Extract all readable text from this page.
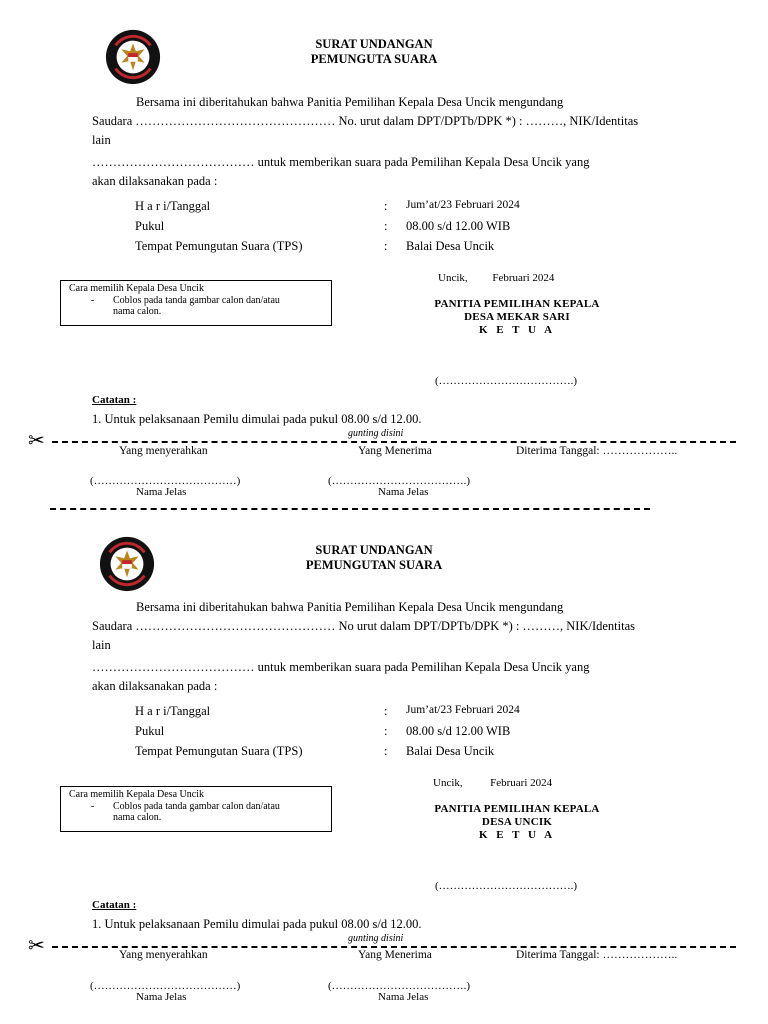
SURAT UNDANGAN
PEMUNGUTA SUARA
Bersama ini diberitahukan bahwa Panitia Pemilihan Kepala Desa Uncik mengundang
Saudara ………………………………………… No. urut dalam DPT/DPTb/DPK *) : ………, NIK/Identitas
lain
………………………………… untuk memberikan suara pada Pemilihan Kepala Desa Uncik yang
akan dilaksanakan pada :
H a r i/Tanggal	: Jum’at/23 Februari 2024
Pukul	: 08.00 s/d 12.00 WIB
Tempat Pemungutan Suara (TPS)	: Balai Desa Uncik
Cara memilih Kepala Desa Uncik
- Coblos pada tanda gambar calon dan/atau
nama calon.
Uncik,         Februari 2024
PANITIA PEMILIHAN KEPALA
DESA MEKAR SARI
K E T U A
(……………………………….)
Catatan :
1. Untuk pelaksanaan Pemilu dimulai pada pukul 08.00 s/d 12.00.
✂	gunting disini
Yang menyerahkan	Yang Menerima	Diterima Tanggal: ………………..
(…………………………………)	(……………………………….)
Nama Jelas	Nama Jelas
SURAT UNDANGAN
PEMUNGUTAN SUARA
Bersama ini diberitahukan bahwa Panitia Pemilihan Kepala Desa Uncik mengundang
Saudara ………………………………………… No urut dalam DPT/DPTb/DPK *) : ………, NIK/Identitas
lain
………………………………… untuk memberikan suara pada Pemilihan Kepala Desa Uncik yang
akan dilaksanakan pada :
H a r i/Tanggal	: Jum’at/23 Februari 2024
Pukul	: 08.00 s/d 12.00 WIB
Tempat Pemungutan Suara (TPS)	: Balai Desa Uncik
Cara memilih Kepala Desa Uncik
- Coblos pada tanda gambar calon dan/atau
nama calon.
Uncik,          Februari 2024
PANITIA PEMILIHAN KEPALA
DESA UNCIK
K E T U A
(……………………………….)
Catatan :
1. Untuk pelaksanaan Pemilu dimulai pada pukul 08.00 s/d 12.00.
✂	gunting disini
Yang menyerahkan	Yang Menerima	Diterima Tanggal: ………………..
(…………………………………)	(……………………………….)
Nama Jelas	Nama Jelas
